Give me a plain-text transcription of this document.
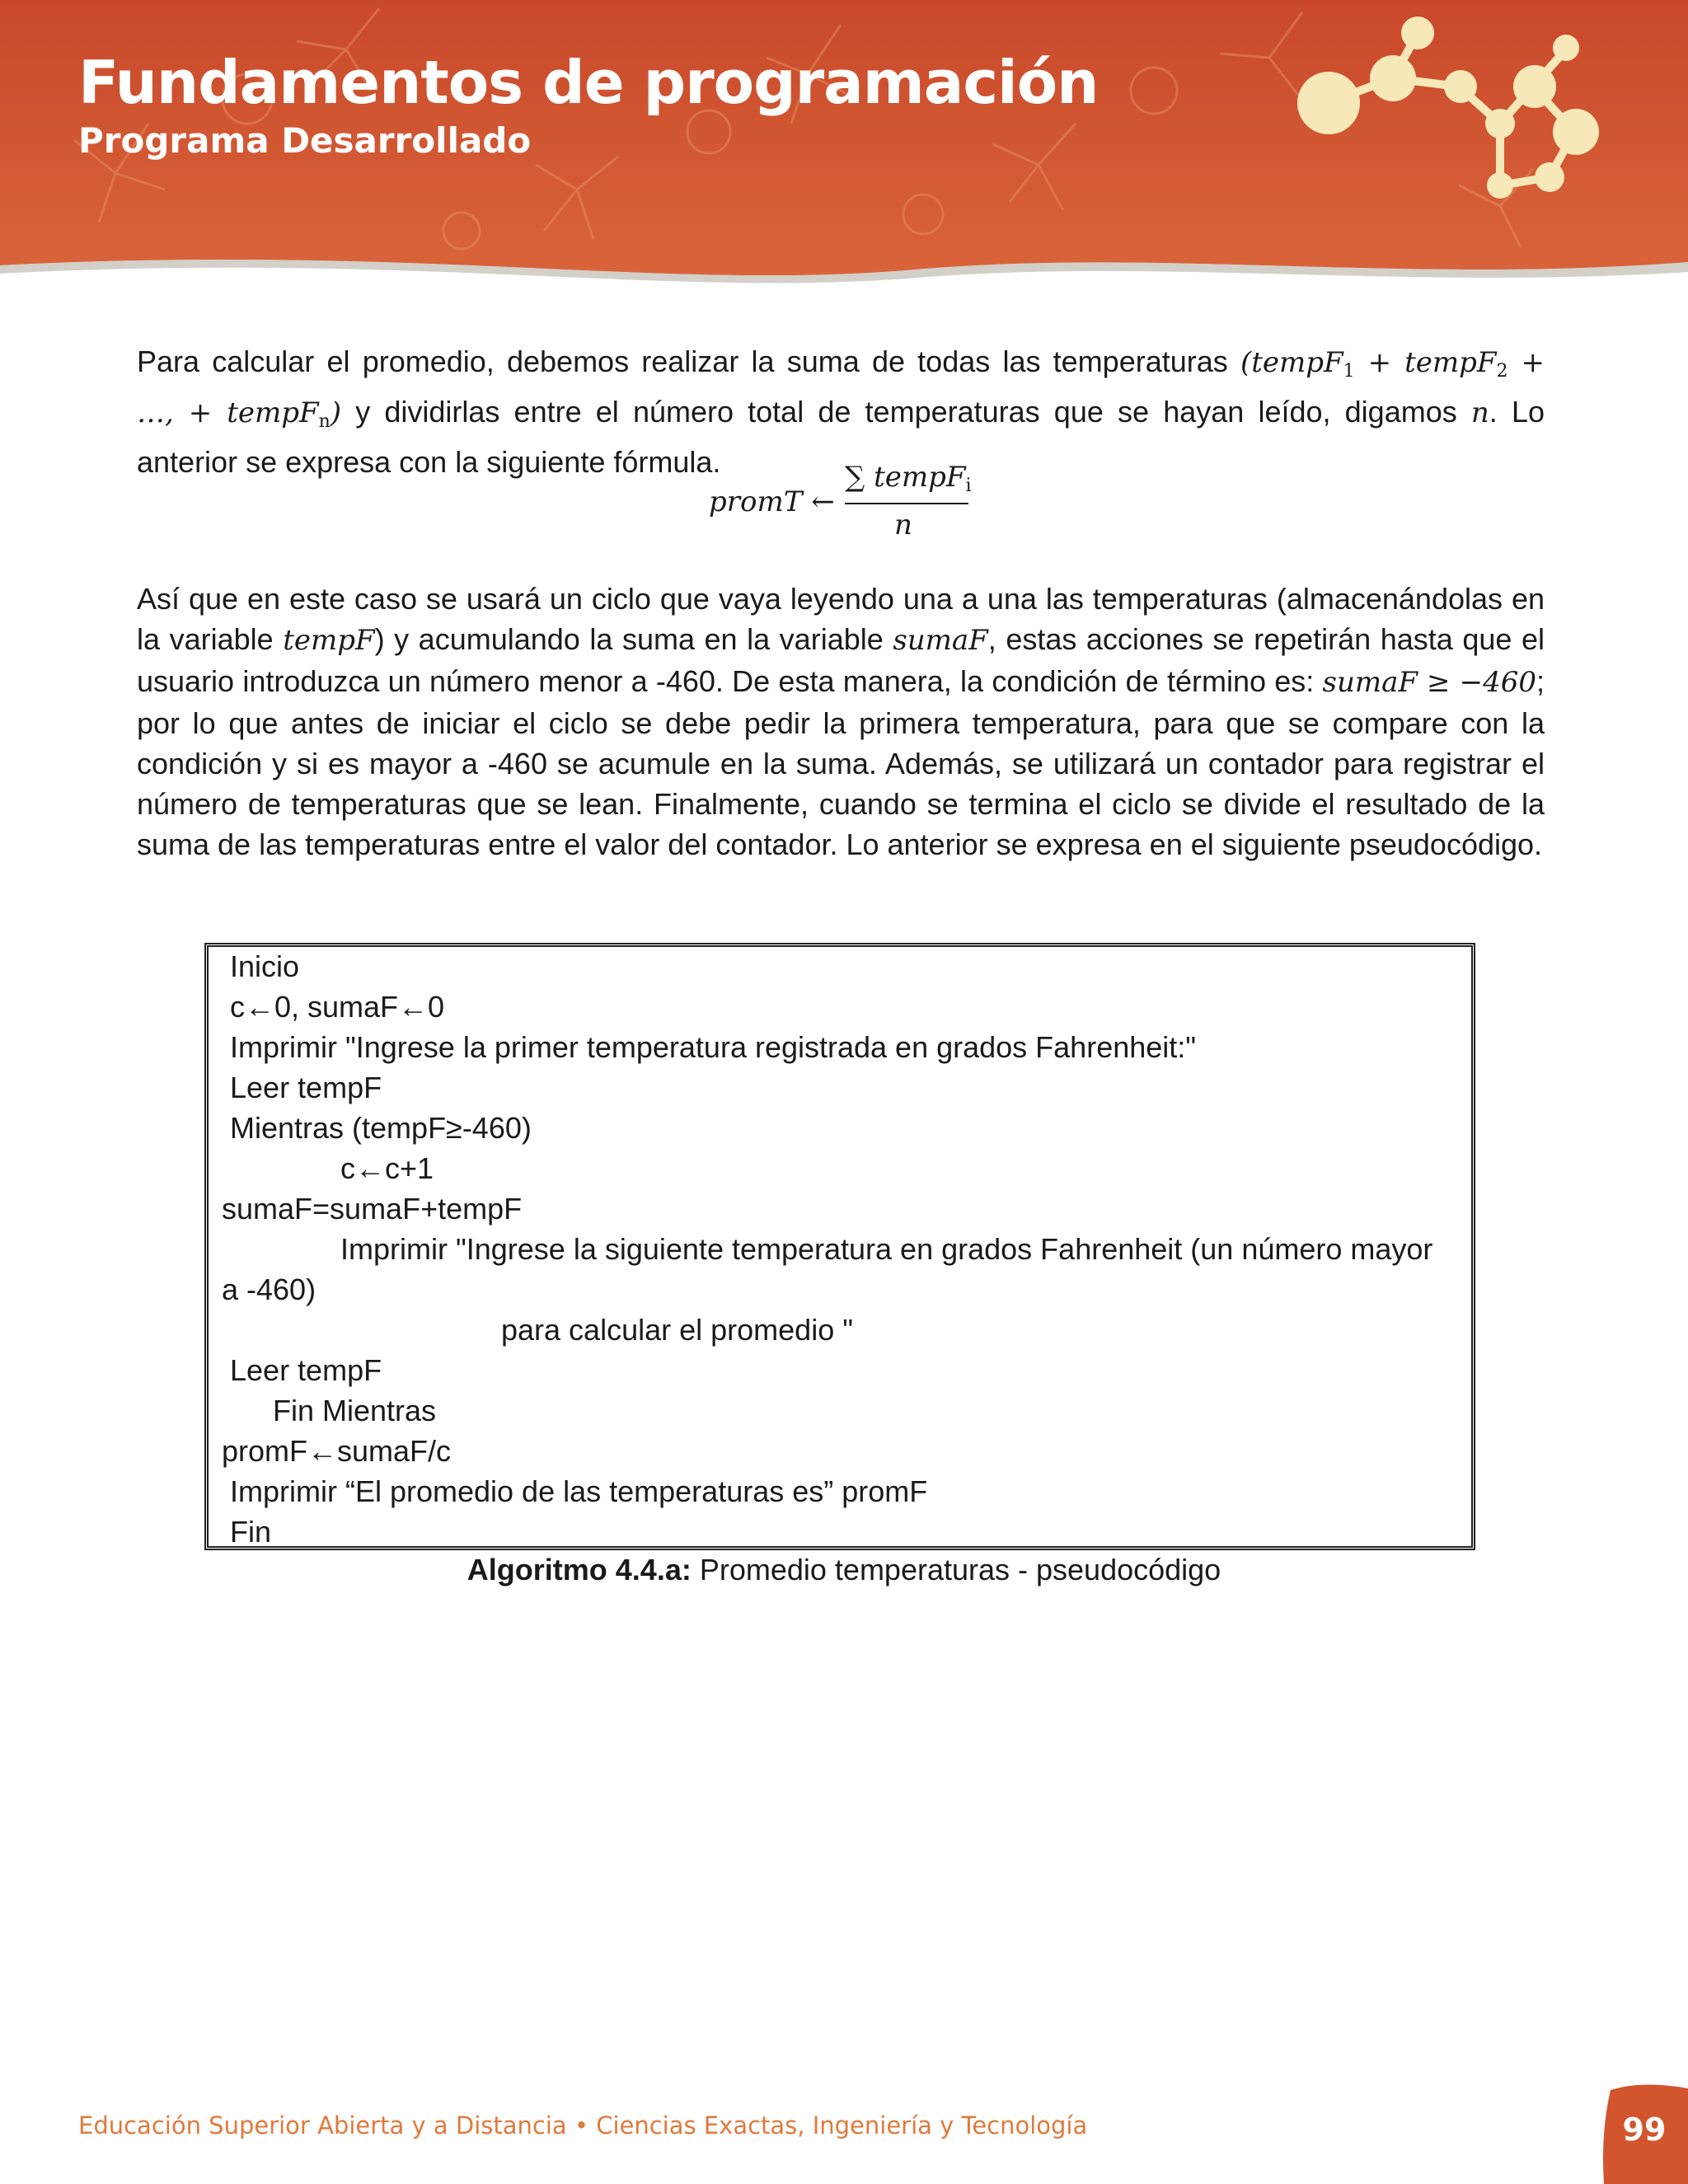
Fundamentos de programación
Programa Desarrollado
Para calcular el promedio, debemos realizar la suma de todas las temperaturas (tempF$_1$ + tempF$_2$ +
…, + tempF$_n$) y dividirlas entre el número total de temperaturas que se hayan leído, digamos n. Lo
anterior se expresa con la siguiente fórmula.
promT ←
∑ tempF$_i$
n

Así que en este caso se usará un ciclo que vaya leyendo una a una las temperaturas (almacenándolas en la variable tempF) y acumulando la suma en la variable sumaF, estas acciones se repetirán hasta que el usuario introduzca un número menor a -460. De esta manera, la condición de término es: sumaF ≥ −460; por lo que antes de iniciar el ciclo se debe pedir la primera temperatura, para que se compare con la condición y si es mayor a -460 se acumule en la suma. Además, se utilizará un contador para registrar el número de temperaturas que se lean. Finalmente, cuando se termina el ciclo se divide el resultado de la suma de las temperaturas entre el valor del contador. Lo anterior se expresa en el siguiente pseudocódigo.

Inicio
c←0, sumaF←0
Imprimir "Ingrese la primer temperatura registrada en grados Fahrenheit:"
Leer tempF
Mientras (tempF≥-460)
c←c+1
sumaF=sumaF+tempF
Imprimir "Ingrese la siguiente temperatura en grados Fahrenheit (un número mayor
a -460)
para calcular el promedio "
Leer tempF
Fin Mientras
promF←sumaF/c
Imprimir “El promedio de las temperaturas es” promF
Fin
Algoritmo 4.4.a: Promedio temperaturas - pseudocódigo
Educación Superior Abierta y a Distancia • Ciencias Exactas, Ingeniería y Tecnología	99
